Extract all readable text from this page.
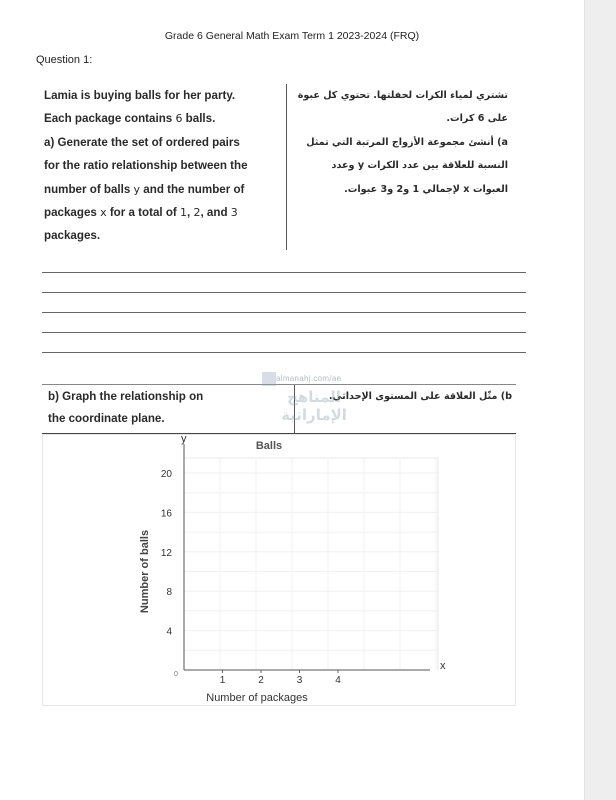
Grade 6 General Math Exam Term 1 2023-2024 (FRQ)
Question 1:
Lamia is buying balls for her party.
Each package contains 6 balls.
a) Generate the set of ordered pairs
for the ratio relationship between the
number of balls y and the number of
packages x for a total of 1, 2, and 3
packages.
تشتري لمياء الكرات لحفلتها. تحتوي كل عبوة
على 6 كرات.
a) أنشئ مجموعة الأزواج المرتبة التي تمثل
النسبة للعلاقة بين عدد الكرات y وعدد
العبوات x لإجمالي 1 و2 و3 عبوات.
b) Graph the relationship on
the coordinate plane.
b) مثّل العلاقة على المستوى الإحداثي.
almanahj.com/ae
المناهج الإماراتية
y
x
Balls
0
1	2	3	4
4
8
12
16
20
Number of packages
Number of balls
